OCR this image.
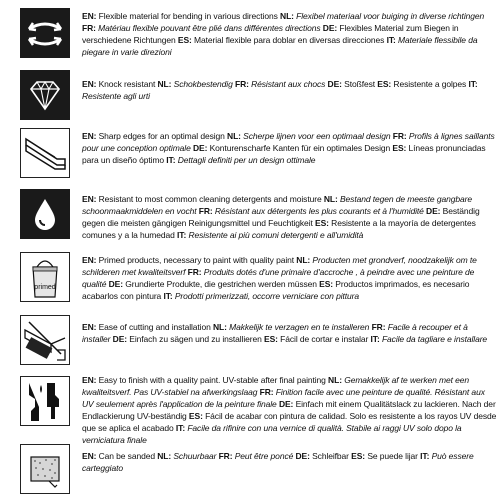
EN: Flexible material for bending in various directions NL: Flexibel materiaal voor buiging in diverse richtingen FR: Matériau flexible pouvant être plié dans différentes directions DE: Flexibles Material zum Biegen in verschiedene Richtungen ES: Material flexible para doblar en diversas direcciones IT: Materiale flessibile da piegare in varie direzioni
EN: Knock resistant NL: Schokbestendig FR: Résistant aux chocs DE: Stoßfest ES: Resistente a golpes IT: Resistente agli urti
EN: Sharp edges for an optimal design NL: Scherpe lijnen voor een optimaal design FR: Profils à lignes saillants pour une conception optimale DE: Konturenscharfe Kanten für ein optimales Design ES: Líneas pronunciadas para un diseño óptimo IT: Dettagli definiti per un design ottimale
EN: Resistant to most common cleaning detergents and moisture NL: Bestand tegen de meeste gangbare schoonmaakmiddelen en vocht FR: Résistant aux détergents les plus courants et à l'humidité DE: Beständig gegen die meisten gängigen Reinigungsmittel und Feuchtigkeit ES: Resistente a la mayoría de detergentes comunes y a la humedad IT: Resistente ai più comuni detergenti e all'umidità
primed
EN: Primed products, necessary to paint with quality paint NL: Producten met grondverf, noodzakelijk om te schilderen met kwaliteitsverf FR: Produits dotés d'une primaire d'accroche , à peindre avec une peinture de qualité DE: Grundierte Produkte, die gestrichen werden müssen ES: Productos imprimados, es necesario acabarlos con pintura IT: Prodotti primerizzati, occorre verniciare con pittura
EN: Ease of cutting and installation NL: Makkelijk te verzagen en te installeren FR: Facile à recouper et à installer DE: Einfach zu sägen und zu installieren ES: Fácil de cortar e instalar IT: Facile da tagliare e installare
EN: Easy to finish with a quality paint. UV-stable after final painting NL: Gemakkelijk af te werken met een kwaliteitsverf. Pas UV-stabiel na afwerkingslaag FR: Finition facile avec une peinture de qualité. Résistant aux UV seulement après l'application de la peinture finale DE: Einfach mit einem Qualitätslack zu lackieren. Nach der Endlackierung UV-beständig ES: Fácil de acabar con pintura de calidad. Solo es resistente a los rayos UV desde que se aplica el acabado IT: Facile da rifinire con una vernice di qualità. Stabile ai raggi UV solo dopo la verniciatura finale
EN: Can be sanded NL: Schuurbaar FR: Peut être poncé DE: Schleifbar ES: Se puede lijar IT: Può essere carteggiato
